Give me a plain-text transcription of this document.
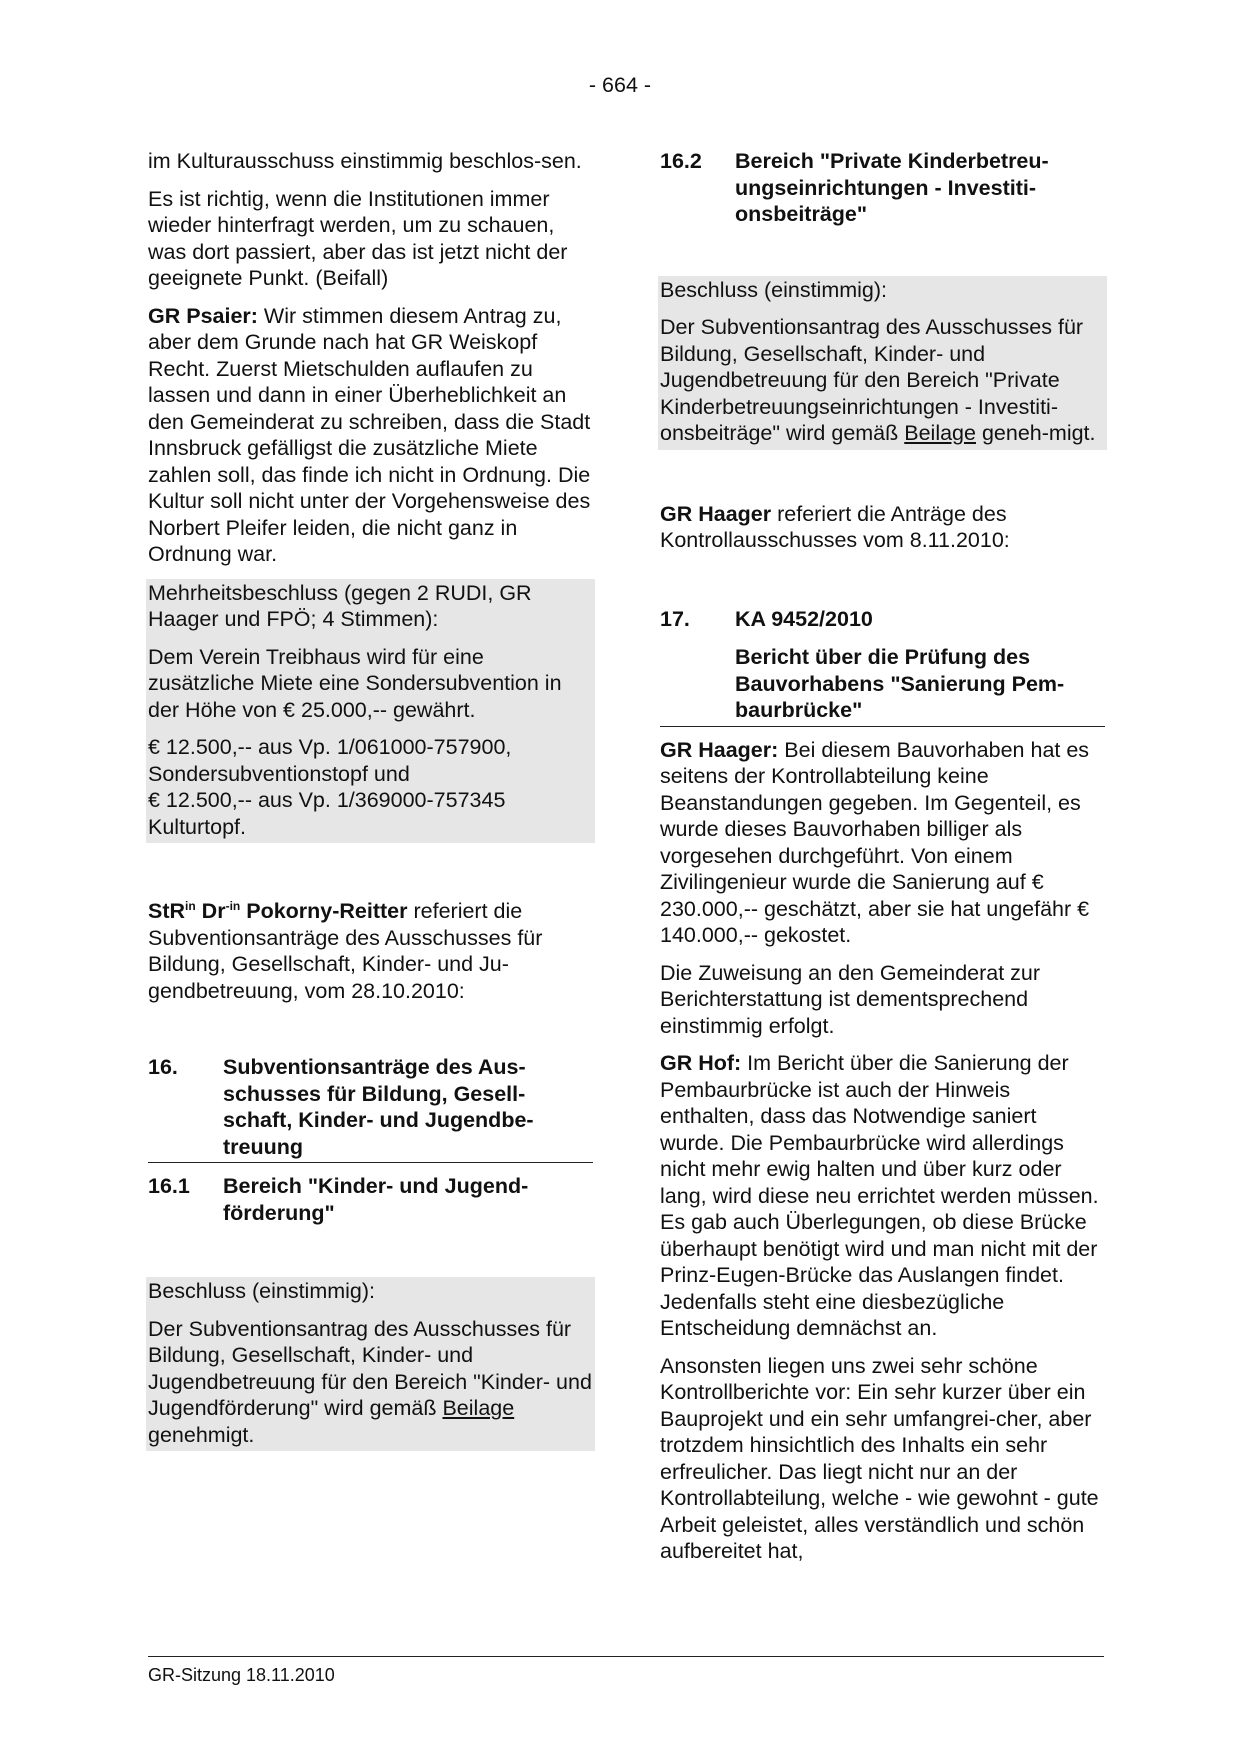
- 664 -

im Kulturausschuss einstimmig beschlos-sen.

Es ist richtig, wenn die Institutionen immer wieder hinterfragt werden, um zu schauen, was dort passiert, aber das ist jetzt nicht der geeignete Punkt. (Beifall)

GR Psaier: Wir stimmen diesem Antrag zu, aber dem Grunde nach hat GR Weiskopf Recht. Zuerst Mietschulden auflaufen zu lassen und dann in einer Überheblichkeit an den Gemeinderat zu schreiben, dass die Stadt Innsbruck gefälligst die zusätzliche Miete zahlen soll, das finde ich nicht in Ordnung. Die Kultur soll nicht unter der Vorgehensweise des Norbert Pleifer leiden, die nicht ganz in Ordnung war.

Mehrheitsbeschluss (gegen 2 RUDI, GR Haager und FPÖ; 4 Stimmen):

Dem Verein Treibhaus wird für eine zusätzliche Miete eine Sondersubvention in der Höhe von € 25.000,-- gewährt.

€ 12.500,-- aus Vp. 1/061000-757900,
Sondersubventionstopf und
€ 12.500,-- aus Vp. 1/369000-757345
Kulturtopf.

StR$^{in}$ $Dr^{-in}$ Pokorny-Reitter referiert die Subventionsanträge des Ausschusses für Bildung, Gesellschaft, Kinder- und Ju-gendbetreuung, vom 28.10.2010:

16.	Subventionsanträge des Aus-schusses für Bildung, Gesell-schaft, Kinder- und Jugendbe-treuung
16.1	Bereich "Kinder- und Jugend-förderung"

Beschluss (einstimmig):

Der Subventionsantrag des Ausschusses für Bildung, Gesellschaft, Kinder- und Jugendbetreuung für den Bereich "Kinder- und Jugendförderung" wird gemäß Beilage genehmigt.

16.2	Bereich "Private Kinderbetreu-ungseinrichtungen - Investiti-onsbeiträge"

Beschluss (einstimmig):

Der Subventionsantrag des Ausschusses für Bildung, Gesellschaft, Kinder- und Jugendbetreuung für den Bereich "Private Kinderbetreuungseinrichtungen - Investiti-onsbeiträge" wird gemäß Beilage geneh-migt.

GR Haager referiert die Anträge des Kontrollausschusses vom 8.11.2010:

17.	KA 9452/2010
Bericht über die Prüfung des Bauvorhabens "Sanierung Pem-baurbrücke"

GR Haager: Bei diesem Bauvorhaben hat es seitens der Kontrollabteilung keine Beanstandungen gegeben. Im Gegenteil, es wurde dieses Bauvorhaben billiger als vorgesehen durchgeführt. Von einem Zivilingenieur wurde die Sanierung auf € 230.000,-- geschätzt, aber sie hat ungefähr € 140.000,-- gekostet.

Die Zuweisung an den Gemeinderat zur Berichterstattung ist dementsprechend einstimmig erfolgt.

GR Hof: Im Bericht über die Sanierung der Pembaurbrücke ist auch der Hinweis enthalten, dass das Notwendige saniert wurde. Die Pembaurbrücke wird allerdings nicht mehr ewig halten und über kurz oder lang, wird diese neu errichtet werden müssen. Es gab auch Überlegungen, ob diese Brücke überhaupt benötigt wird und man nicht mit der Prinz-Eugen-Brücke das Auslangen findet. Jedenfalls steht eine diesbezügliche Entscheidung demnächst an.

Ansonsten liegen uns zwei sehr schöne Kontrollberichte vor: Ein sehr kurzer über ein Bauprojekt und ein sehr umfangrei-cher, aber trotzdem hinsichtlich des Inhalts ein sehr erfreulicher. Das liegt nicht nur an der Kontrollabteilung, welche - wie gewohnt - gute Arbeit geleistet, alles verständlich und schön aufbereitet hat,

GR-Sitzung 18.11.2010
